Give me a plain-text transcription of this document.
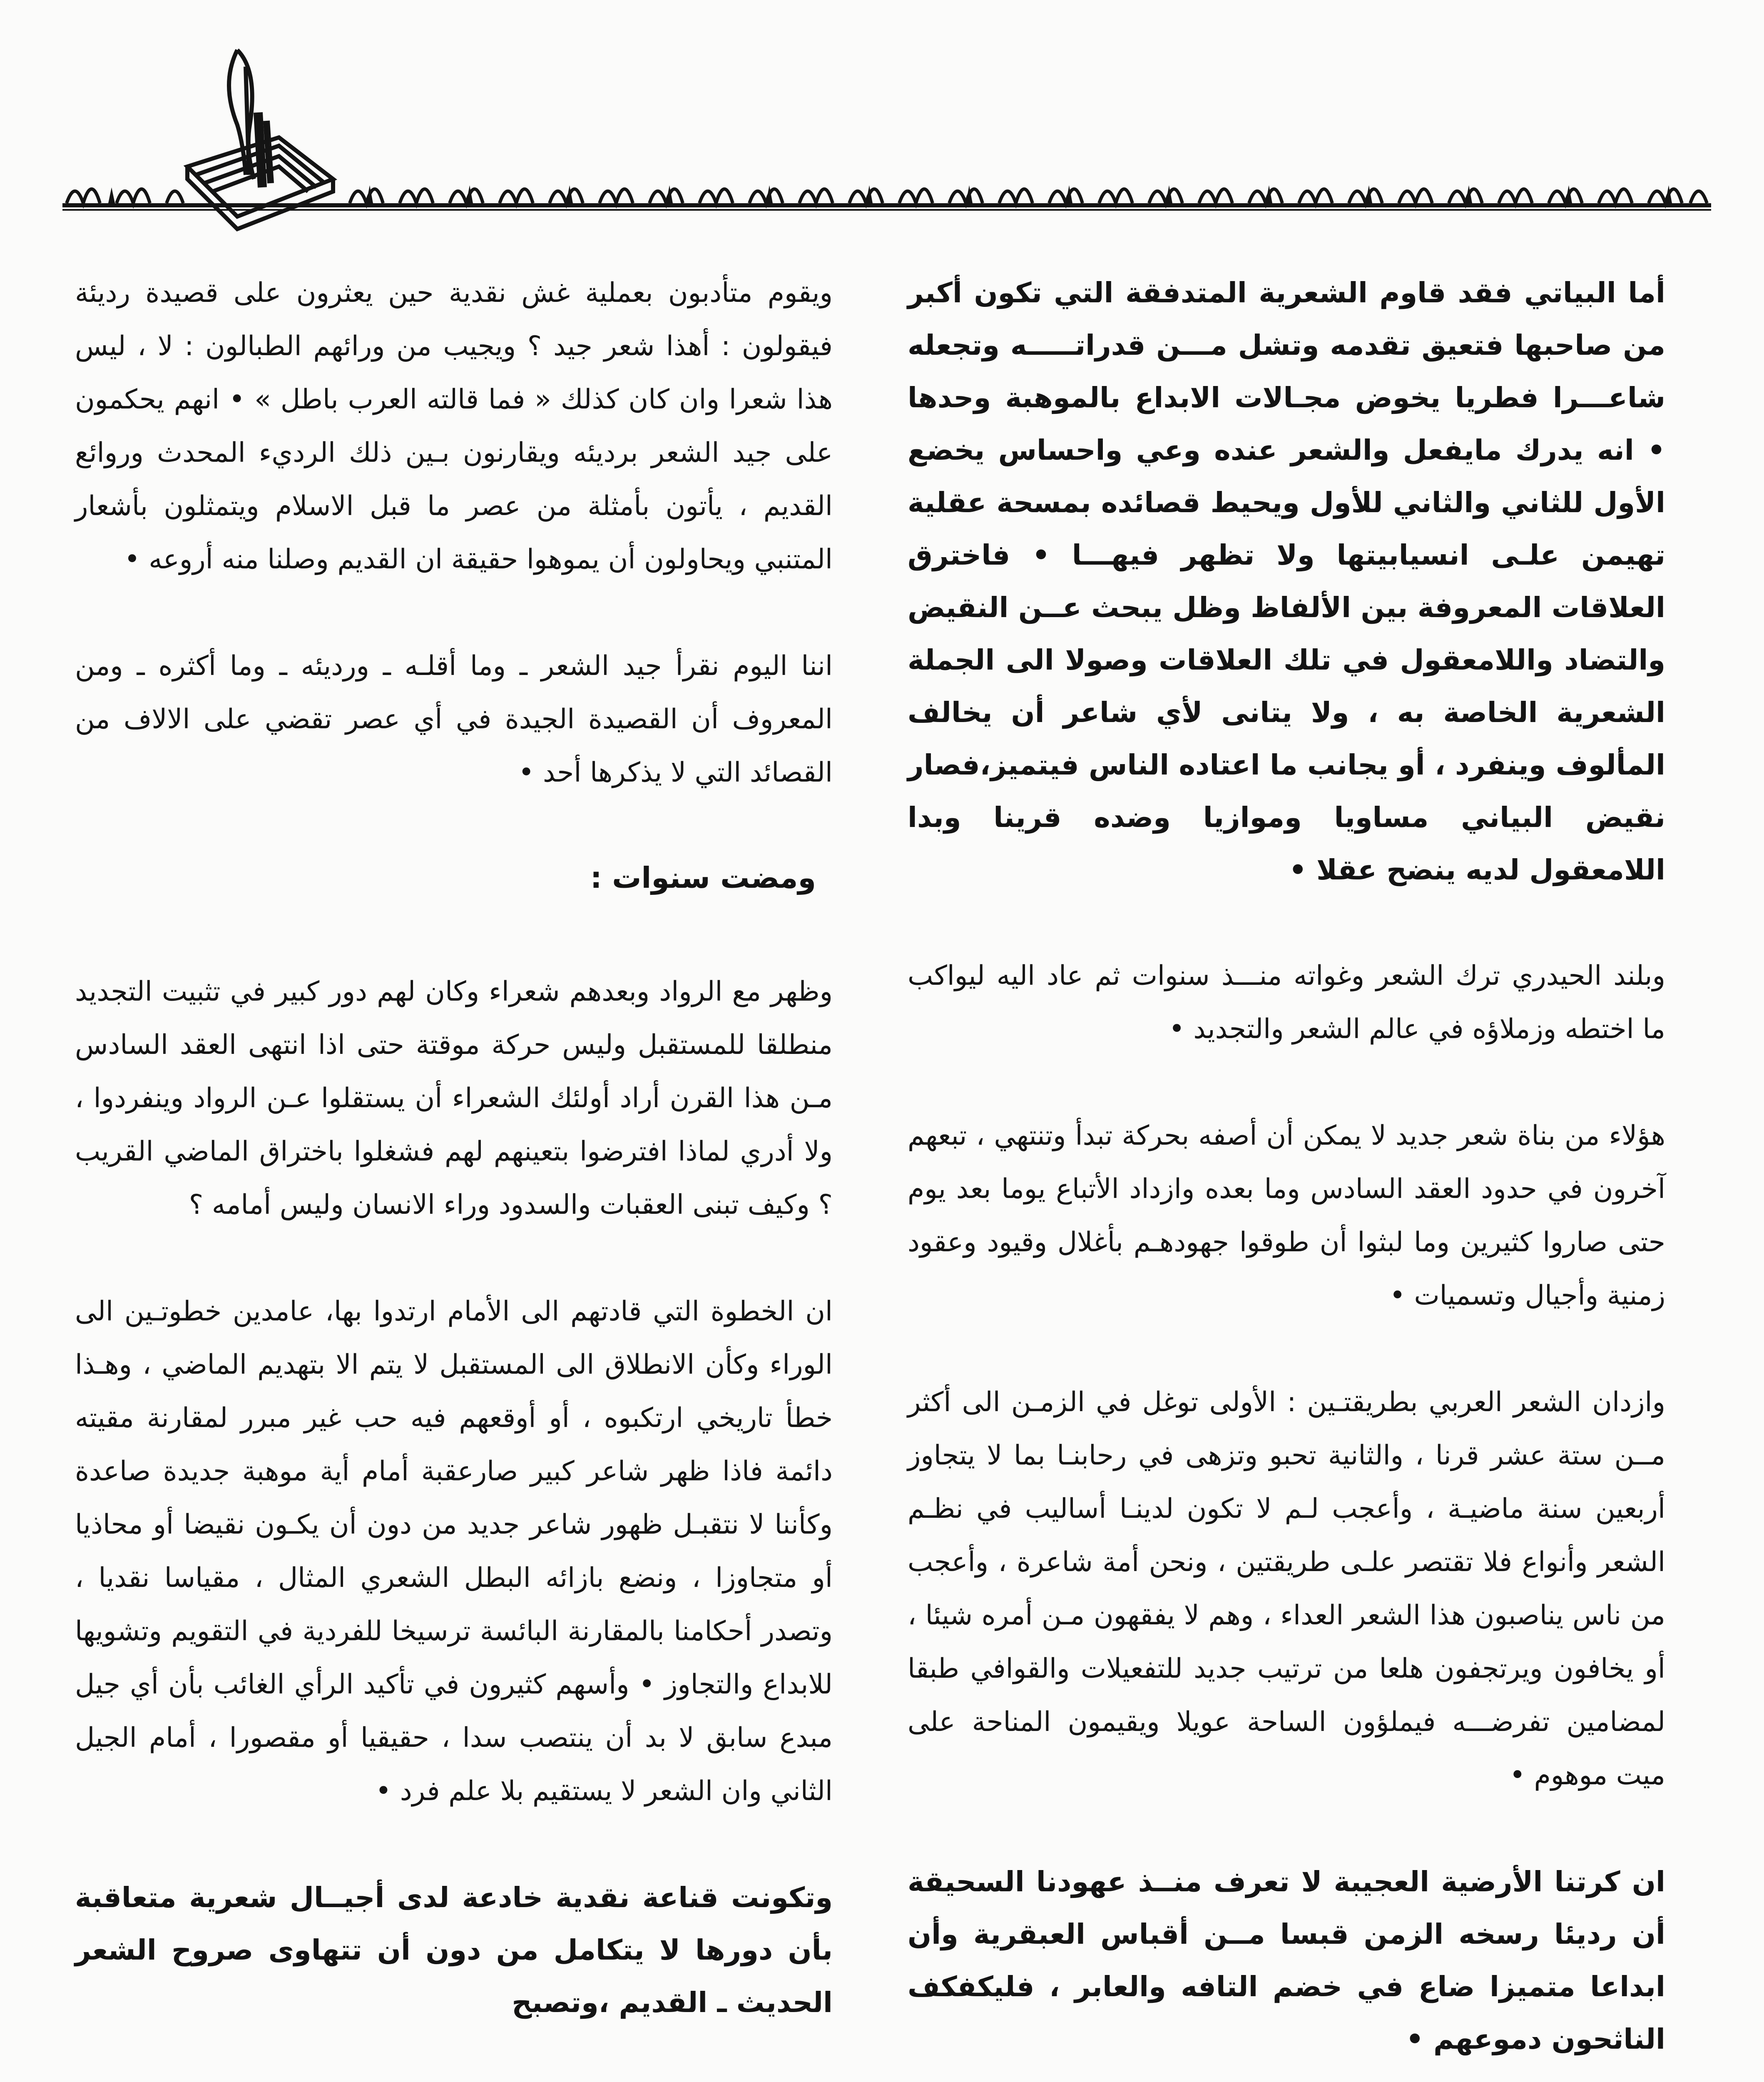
أما البياتي فقد قاوم الشعرية المتدفقة التي تكون أكبر من صاحبها فتعيق تقدمه وتشل مـــن قدراتـــــه وتجعله شاعـــرا فطريا يخوض مجـالات الابداع بالموهبة وحدها • انه يدرك مايفعل والشعر عنده وعي واحساس يخضع الأول للثاني والثاني للأول ويحيط قصائده بمسحة عقلية تهيمن علـى انسيابيتها ولا تظهر فيهـــا • فاخترق العلاقات المعروفة بين الألفاظ وظل يبحث عــن النقيض والتضاد واللامعقول في تلك العلاقات وصولا الى الجملة الشعرية الخاصة به ، ولا يتانى لأي شاعر أن يخالف المألوف وينفرد ، أو يجانب ما اعتاده الناس فيتميز،فصار نقيض البياني مساويا وموازيا وضده قرينا وبدا اللامعقول لديه ينضح عقلا •

وبلند الحيدري ترك الشعر وغواته منـــذ سنوات ثم عاد اليه ليواكب ما اختطه وزملاؤه في عالم الشعر والتجديد •

هؤلاء من بناة شعر جديد لا يمكن أن أصفه بحركة تبدأ وتنتهي ، تبعهم آخرون في حدود العقد السادس وما بعده وازداد الأتباع يوما بعد يوم حتى صاروا كثيرين وما لبثوا أن طوقوا جهودهـم بأغلال وقيود وعقود زمنية وأجيال وتسميات •

وازدان الشعر العربي بطريقتـين : الأولى توغل في الزمـن الى أكثر مــن ستة عشر قرنا ، والثانية تحبو وتزهى في رحابنـا بما لا يتجاوز أربعين سنة ماضيـة ، وأعجب لـم لا تكون لدينـا أساليب في نظـم الشعر وأنواع فلا تقتصر علـى طريقتين ، ونحن أمة شاعرة ، وأعجب من ناس يناصبون هذا الشعر العداء ، وهم لا يفقهون مـن أمره شيئا ، أو يخافون ويرتجفون هلعا من ترتيب جديد للتفعيلات والقوافي طبقا لمضامين تفرضـــه فيملؤون الساحة عويلا ويقيمون المناحة على ميت موهوم •

ان كرتنا الأرضية العجيبة لا تعرف منــذ عهودنا السحيقة أن رديئا رسخه الزمن قبسا مــن أقباس العبقرية وأن ابداعا متميزا ضاع في خضم التافه والعابر ، فليكفكف الناثحون دموعهم •

ويقوم متأدبون بعملية غش نقدية حين يعثرون على قصيدة رديئة فيقولون : أهذا شعر جيد ؟ ويجيب من ورائهم الطبالون : لا ، ليس هذا شعرا وان كان كذلك « فما قالته العرب باطل » • انهم يحكمون على جيد الشعر برديئه ويقارنون بـين ذلك الرديء المحدث وروائع القديم ، يأتون بأمثلة من عصر ما قبل الاسلام ويتمثلون بأشعار المتنبي ويحاولون أن يموهوا حقيقة ان القديم وصلنا منه أروعه •

اننا اليوم نقرأ جيد الشعر ـ وما أقلـه ـ ورديئه ـ وما أكثره ـ ومن المعروف أن القصيدة الجيدة في أي عصر تقضي على الالاف من القصائد التي لا يذكرها أحد •

ومضت سنوات :

وظهر مع الرواد وبعدهم شعراء وكان لهم دور كبير في تثبيت التجديد منطلقا للمستقبل وليس حركة موقتة حتى اذا انتهى العقد السادس مـن هذا القرن أراد أولئك الشعراء أن يستقلوا عـن الرواد وينفردوا ، ولا أدري لماذا افترضوا بتعينهم لهم فشغلوا باختراق الماضي القريب ؟ وكيف تبنى العقبات والسدود وراء الانسان وليس أمامه ؟

ان الخطوة التي قادتهم الى الأمام ارتدوا بها، عامدين خطوتـين الى الوراء وكأن الانطلاق الى المستقبل لا يتم الا بتهديم الماضي ، وهـذا خطأ تاريخي ارتكبوه ، أو أوقعهم فيه حب غير مبرر لمقارنة مقيته دائمة فاذا ظهر شاعر كبير صارعقبة أمام أية موهبة جديدة صاعدة وكأننا لا نتقبـل ظهور شاعر جديد من دون أن يكـون نقيضا أو محاذيا أو متجاوزا ، ونضع بازائه البطل الشعري المثال ، مقياسا نقديا ، وتصدر أحكامنا بالمقارنة البائسة ترسيخا للفردية في التقويم وتشويها للابداع والتجاوز • وأسهم كثيرون في تأكيد الرأي الغائب بأن أي جيل مبدع سابق لا بد أن ينتصب سدا ، حقيقيا أو مقصورا ، أمام الجيل الثاني وان الشعر لا يستقيم بلا علم فرد •

وتكونت قناعة نقدية خادعة لدى أجيــال شعرية متعاقبة بأن دورها لا يتكامل من دون أن تتهاوى صروح الشعر الحديث ـ القديم ،وتصبح
